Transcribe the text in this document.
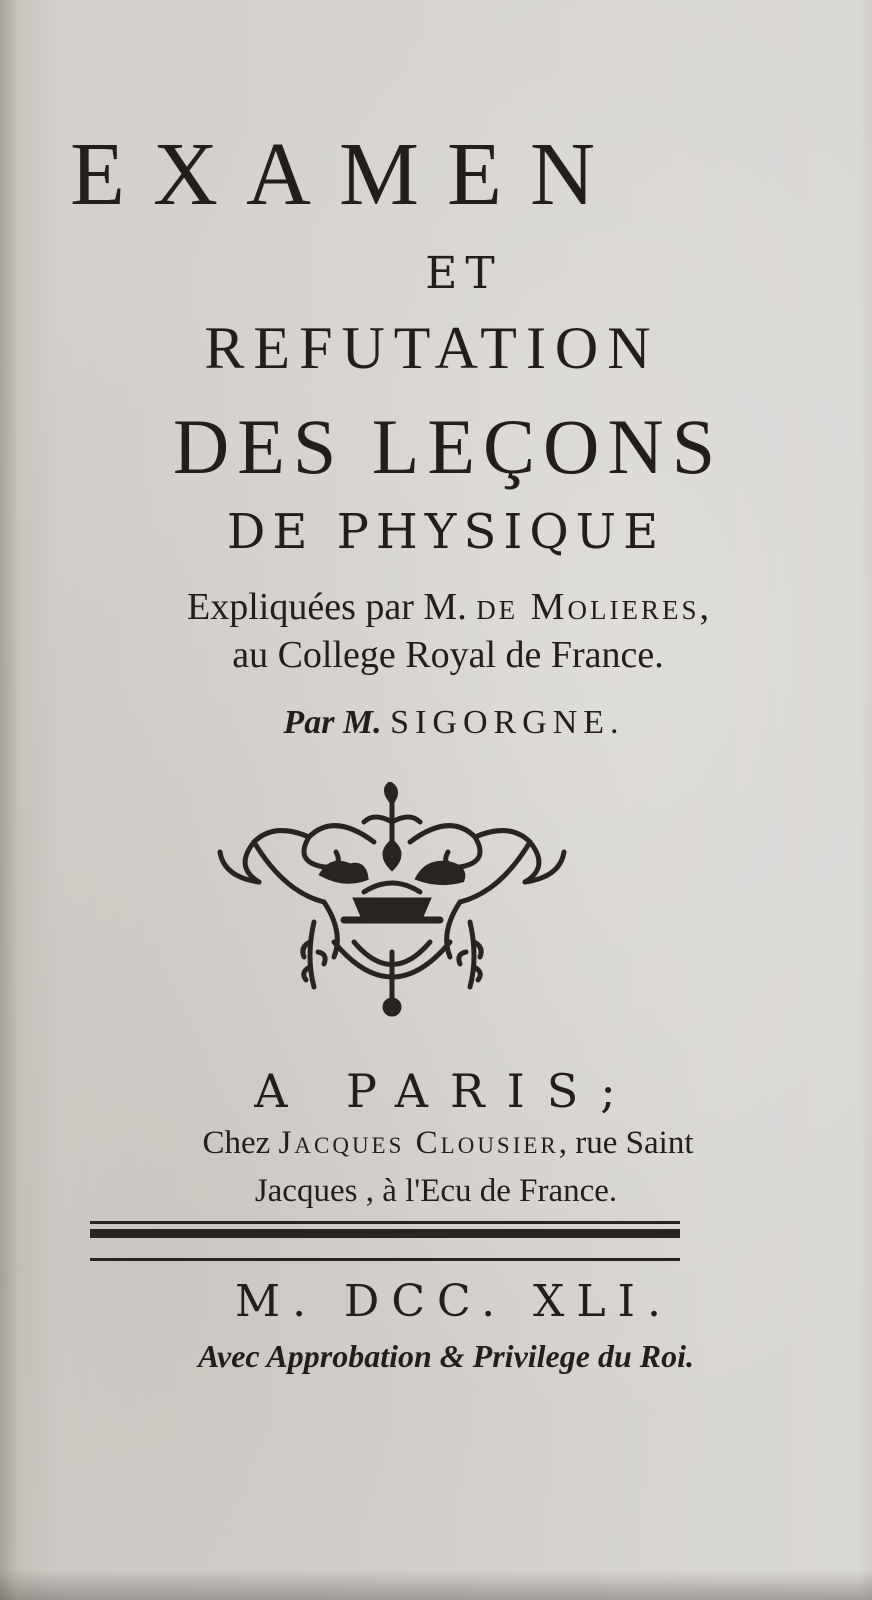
EXAMEN
ET
REFUTATION
DES LEÇONS
DE PHYSIQUE
Expliquées par M. de Molieres,
au College Royal de France.
Par M. SIGORGNE.
A PARIS;
Chez Jacques Clousier, rue Saint
Jacques , à l'Ecu de France.
M. DCC. XLI.
Avec Approbation & Privilege du Roi.
